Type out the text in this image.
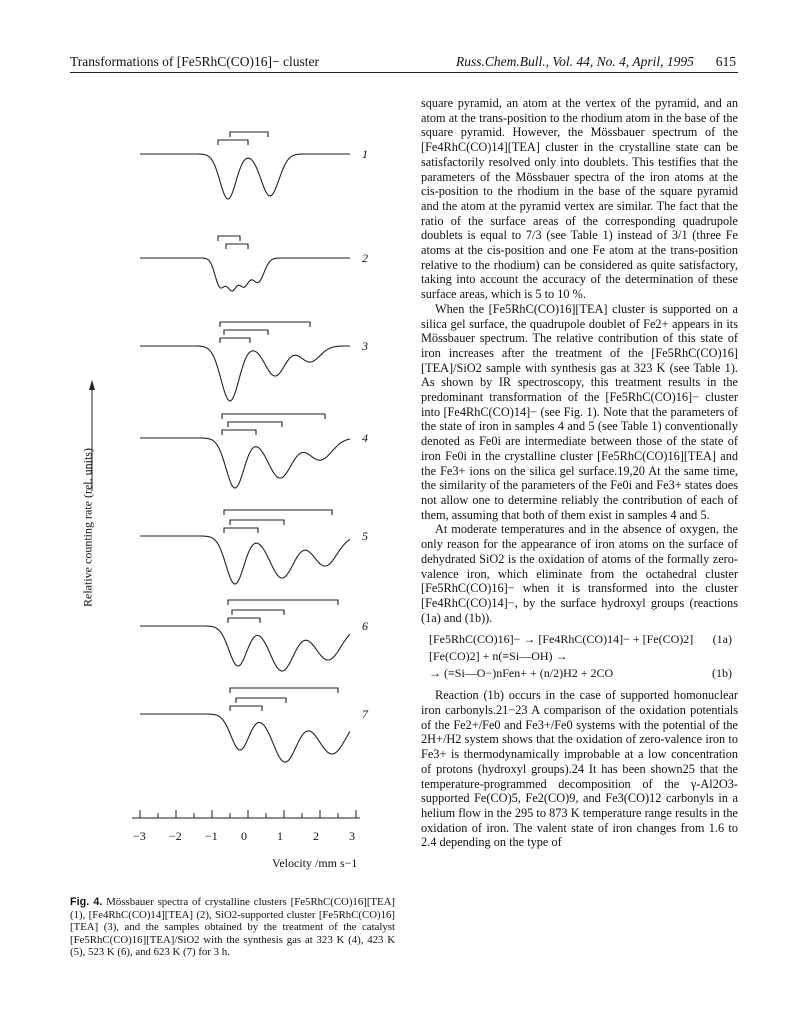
Transformations of [Fe5RhC(CO)16]− cluster	Russ.Chem.Bull., Vol. 44, No. 4, April, 1995 615
1
2
3
4
5
6
7
Relative counting rate (rel. units)
−3 −2 −1 0	1	2	3
Velocity /mm s−1
Fig. 4. Mössbauer spectra of crystalline clusters [Fe5RhC(CO)16][TEA] (1), [Fe4RhC(CO)14][TEA] (2), SiO2-supported cluster [Fe5RhC(CO)16][TEA] (3), and the samples obtained by the treatment of the catalyst [Fe5RhC(CO)16][TEA]/SiO2 with the synthesis gas at 323 K (4), 423 K (5), 523 K (6), and 623 K (7) for 3 h.

square pyramid, an atom at the vertex of the pyramid, and an atom at the trans-position to the rhodium atom in the base of the square pyramid. However, the Mössbauer spectrum of the [Fe4RhC(CO)14][TEA] cluster in the crystalline state can be satisfactorily resolved only into doublets. This testifies that the parameters of the Mössbauer spectra of the iron atoms at the cis-position to the rhodium in the base of the square pyramid and the atom at the pyramid vertex are similar. The fact that the ratio of the surface areas of the corresponding quadrupole doublets is equal to 7/3 (see Table 1) instead of 3/1 (three Fe atoms at the cis-position and one Fe atom at the trans-position relative to the rhodium) can be considered as quite satisfactory, taking into account the accuracy of the determination of these surface areas, which is 5 to 10 %.

When the [Fe5RhC(CO)16][TEA] cluster is supported on a silica gel surface, the quadrupole doublet of Fe2+ appears in its Mössbauer spectrum. The relative contribution of this state of iron increases after the treatment of the [Fe5RhC(CO)16][TEA]/SiO2 sample with synthesis gas at 323 K (see Table 1). As shown by IR spectroscopy, this treatment results in the predominant transformation of the [Fe5RhC(CO)16]− cluster into [Fe4RhC(CO)14]− (see Fig. 1). Note that the parameters of the state of iron in samples 4 and 5 (see Table 1) conventionally denoted as Fe0i are intermediate between those of the state of iron Fe0i in the crystalline cluster [Fe5RhC(CO)16][TEA] and the Fe3+ ions on the silica gel surface.19,20 At the same time, the similarity of the parameters of the Fe0i and Fe3+ states does not allow one to determine reliably the contribution of each of them, assuming that both of them exist in samples 4 and 5.

At moderate temperatures and in the absence of oxygen, the only reason for the appearance of iron atoms on the surface of dehydrated SiO2 is the oxidation of atoms of the formally zero-valence iron, which eliminate from the octahedral cluster [Fe5RhC(CO)16]− when it is transformed into the cluster [Fe4RhC(CO)14]−, by the surface hydroxyl groups (reactions (1a) and (1b)).

[Fe5RhC(CO)16]− → [Fe4RhC(CO)14]− + [Fe(CO)2] (1a)
[Fe(CO)2] + n(≡Si—OH) →
→ (≡Si—O−)nFen+ + (n/2)H2 + 2CO	(1b)

Reaction (1b) occurs in the case of supported homonuclear iron carbonyls.21−23 A comparison of the oxidation potentials of the Fe2+/Fe0 and Fe3+/Fe0 systems with the potential of the 2H+/H2 system shows that the oxidation of zero-valence iron to Fe3+ is thermodynamically improbable at a low concentration of protons (hydroxyl groups).24 It has been shown25 that the temperature-programmed decomposition of the γ-Al2O3-supported Fe(CO)5, Fe2(CO)9, and Fe3(CO)12 carbonyls in a helium flow in the 295 to 873 K temperature range results in the oxidation of iron. The valent state of iron changes from 1.6 to 2.4 depending on the type of
